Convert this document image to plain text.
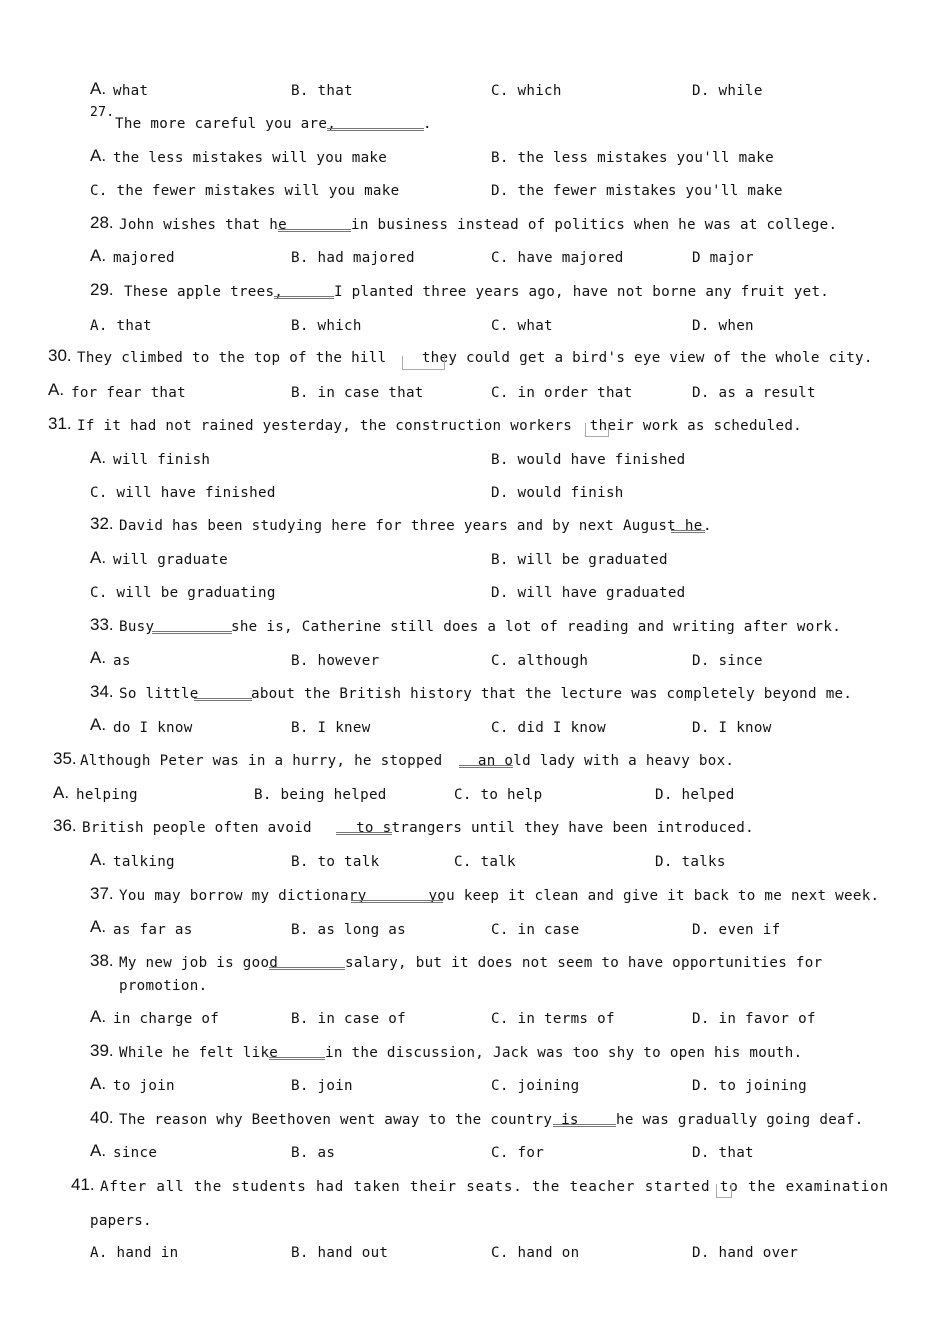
A. what	B. that	C. which	D. while
27.
The more careful you are,	.
A. the less mistakes will you make	B. the less mistakes you'll make
C. the fewer mistakes will you make	D. the fewer mistakes you'll make
28. John wishes that he	in business instead of politics when he was at college.
A. majored	B. had majored	C. have majored	D major
29. These apple trees,	I planted three years ago, have not borne any fruit yet.
A. that	B. which	C. what	D. when
30. They climbed to the top of the hill    they could get a bird's eye view of the whole city.
A. for fear that	B. in case that	C. in order that	D. as a result
31. If it had not rained yesterday, the construction workers  their work as scheduled.
A. will finish	B. would have finished
C. will have finished	D. would finish
32. David has been studying here for three years and by next August he .
A. will graduate	B. will be graduated
C. will be graduating	D. will have graduated
33. Busy	she is, Catherine still does a lot of reading and writing after work.
A. as	B. however	C. although	D. since
34. So little	about the British history that the lecture was completely beyond me.
A. do I know	B. I knew	C. did I know	D. I know
35. Although Peter was in a hurry, he stopped    an old lady with a heavy box.
A. helping	B. being helped	C. to help	D. helped
36. British people often avoid     to strangers until they have been introduced.
A. talking	B. to talk	C. talk	D. talks
37. You may borrow my dictionary       you keep it clean and give it back to me next week.
A. as far as	B. as long as	C. in case	D. even if
38. My new job is good	salary, but it does not seem to have opportunities for
promotion.
A. in charge of	B. in case of	C. in terms of	D. in favor of
39. While he felt like	in the discussion, Jack was too shy to open his mouth.
A. to join	B. join	C. joining	D. to joining
40. The reason why Beethoven went away to the country is	he was gradually going deaf.
A. since	B. as	C. for	D. that
41. After all the students had taken their seats. the teacher started to the examination
papers.
A. hand in	B. hand out	C. hand on	D. hand over
